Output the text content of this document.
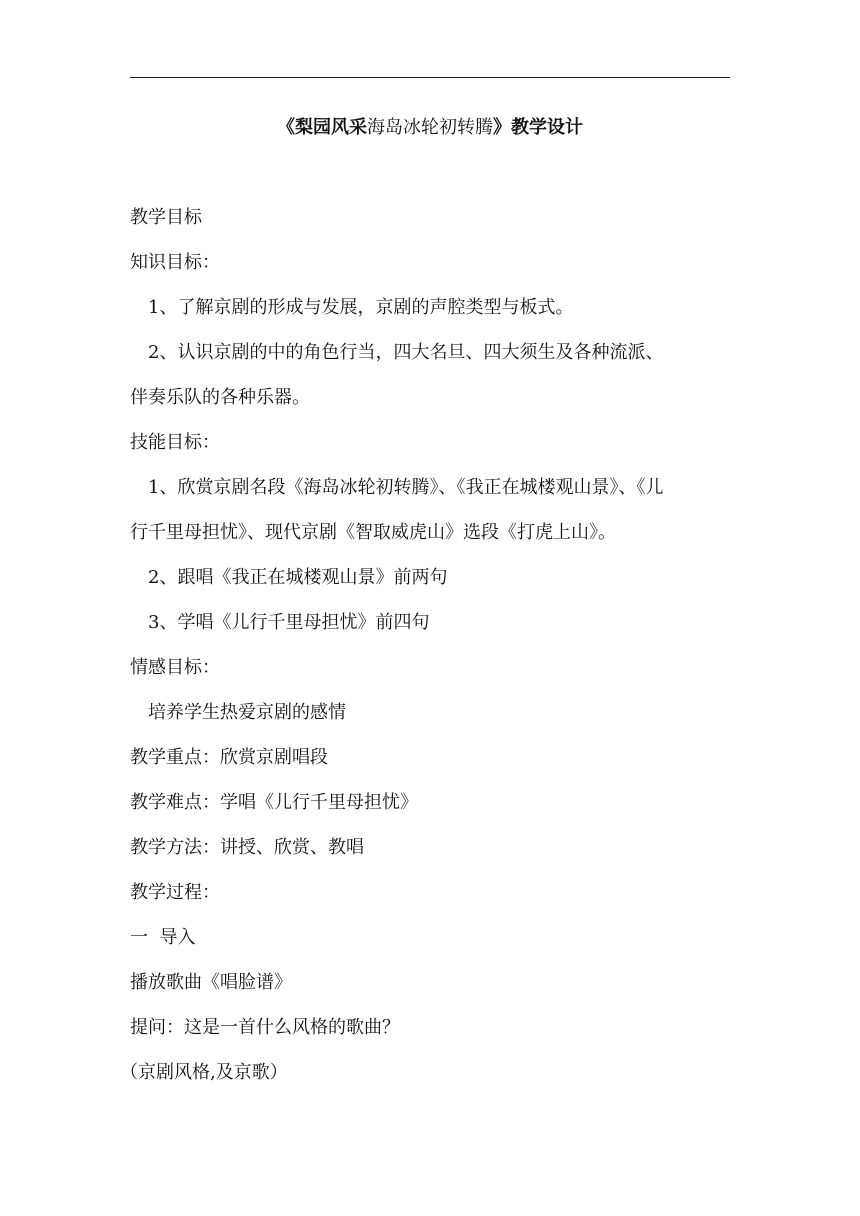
《梨园风采海岛冰轮初转腾》教学设计
教学目标
知识目标：
1、了解京剧的形成与发展，京剧的声腔类型与板式。
2、认识京剧的中的角色行当，四大名旦、四大须生及各种流派、
伴奏乐队的各种乐器。
技能目标：
1、欣赏京剧名段《海岛冰轮初转腾》、《我正在城楼观山景》、《儿
行千里母担忧》、现代京剧《智取威虎山》选段《打虎上山》。
2、跟唱《我正在城楼观山景》前两句
3、学唱《儿行千里母担忧》前四句
情感目标：
培养学生热爱京剧的感情
教学重点：欣赏京剧唱段
教学难点：学唱《儿行千里母担忧》
教学方法：讲授、欣赏、教唱
教学过程：
一  导入
播放歌曲《唱脸谱》
提问：这是一首什么风格的歌曲？
（京剧风格,及京歌）
